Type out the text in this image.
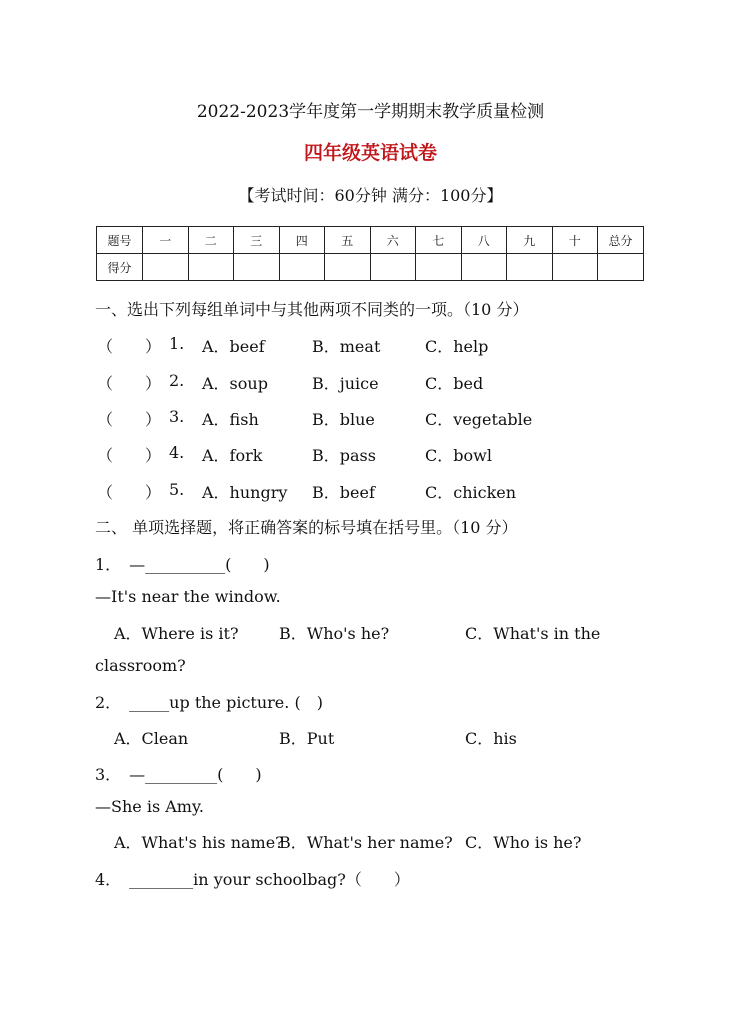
2022-2023学年度第一学期期末教学质量检测
四年级英语试卷
【考试时间：60分钟 满分：100分】
题号	一	二	三	四	五	六	七	八	九	十	总分
得分											
一、选出下列每组单词中与其他两项不同类的一项。（10 分）
（　　） 1. A．beef	B．meat	C．help
（　　） 2. A．soup	B．juice	C．bed
（　　） 3. A．fish	B．blue	C．vegetable
（　　） 4. A．fork	B．pass	C．bowl
（　　） 5. A．hungry B．beef	C．chicken
二、 单项选择题，将正确答案的标号填在括号里。（10 分）
1．　—__________(　　)
—It's near the window.
A．Where is it?	B．Who's he?	C．What's in the
classroom?
2．　_____up the picture. (　)
A．Clean	B．Put	C．his
3．　—_________(　　)
—She is Amy.
A．What's his name?
B．What's her name? C．Who is he?
4．　________in your schoolbag?（　　）
